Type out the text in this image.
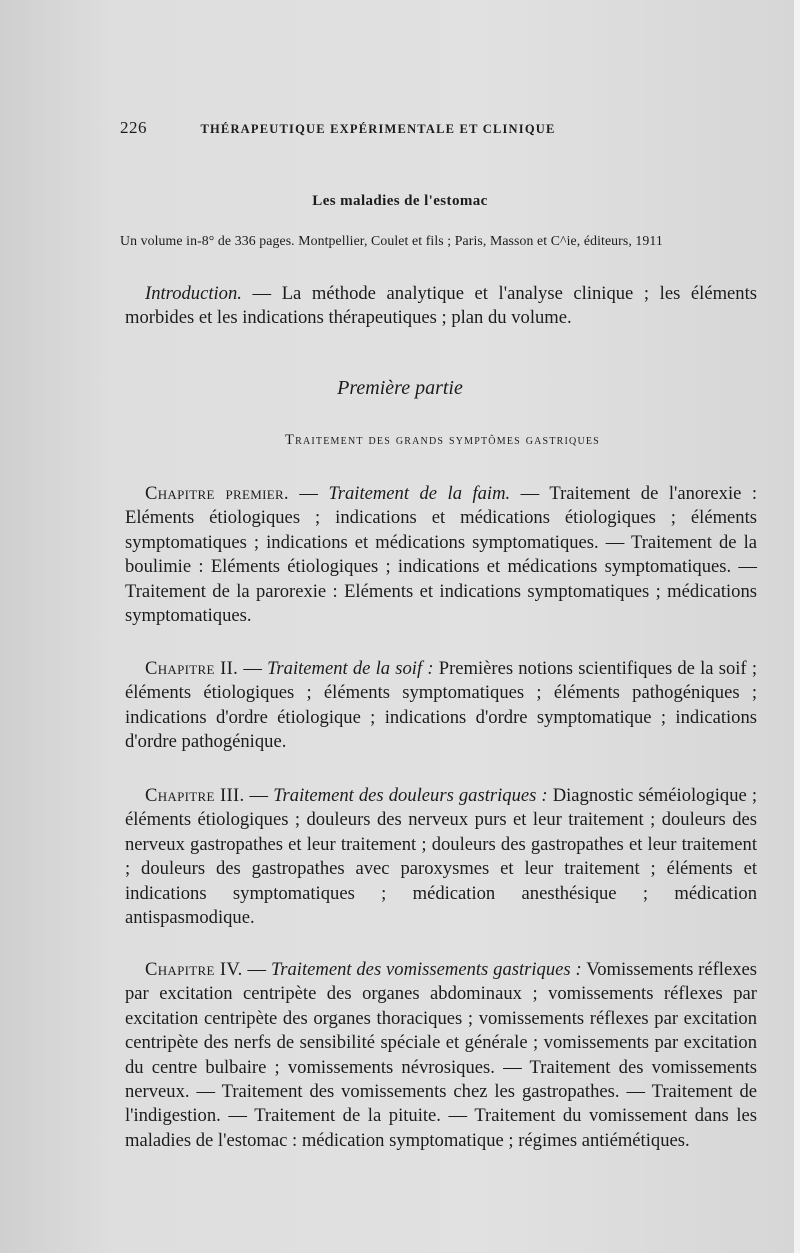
226	THÉRAPEUTIQUE EXPÉRIMENTALE ET CLINIQUE
Les maladies de l'estomac
Un volume in-8° de 336 pages. Montpellier, Coulet et fils ; Paris, Masson et C^ie, éditeurs, 1911
Introduction. — La méthode analytique et l'analyse clinique ; les éléments morbides et les indications thérapeutiques ; plan du volume.
Première partie
Traitement des grands symptômes gastriques
Chapitre premier. — Traitement de la faim. — Traitement de l'anorexie : Eléments étiologiques ; indications et médications étiologiques ; éléments symptomatiques ; indications et médications symptomatiques. — Traitement de la boulimie : Eléments étiologiques ; indications et médications symptomatiques. — Traitement de la parorexie : Eléments et indications symptomatiques ; médications symptomatiques.
Chapitre II. — Traitement de la soif : Premières notions scientifiques de la soif ; éléments étiologiques ; éléments symptomatiques ; éléments pathogéniques ; indications d'ordre étiologique ; indications d'ordre symptomatique ; indications d'ordre pathogénique.
Chapitre III. — Traitement des douleurs gastriques : Diagnostic séméiologique ; éléments étiologiques ; douleurs des nerveux purs et leur traitement ; douleurs des nerveux gastropathes et leur traitement ; douleurs des gastropathes et leur traitement ; douleurs des gastropathes avec paroxysmes et leur traitement ; éléments et indications symptomatiques ; médication anesthésique ; médication antispasmodique.
Chapitre IV. — Traitement des vomissements gastriques : Vomissements réflexes par excitation centripète des organes abdominaux ; vomissements réflexes par excitation centripète des organes thoraciques ; vomissements réflexes par excitation centripète des nerfs de sensibilité spéciale et générale ; vomissements par excitation du centre bulbaire ; vomissements névrosiques. — Traitement des vomissements nerveux. — Traitement des vomissements chez les gastropathes. — Traitement de l'indigestion. — Traitement de la pituite. — Traitement du vomissement dans les maladies de l'estomac : médication symptomatique ; régimes antiémétiques.
